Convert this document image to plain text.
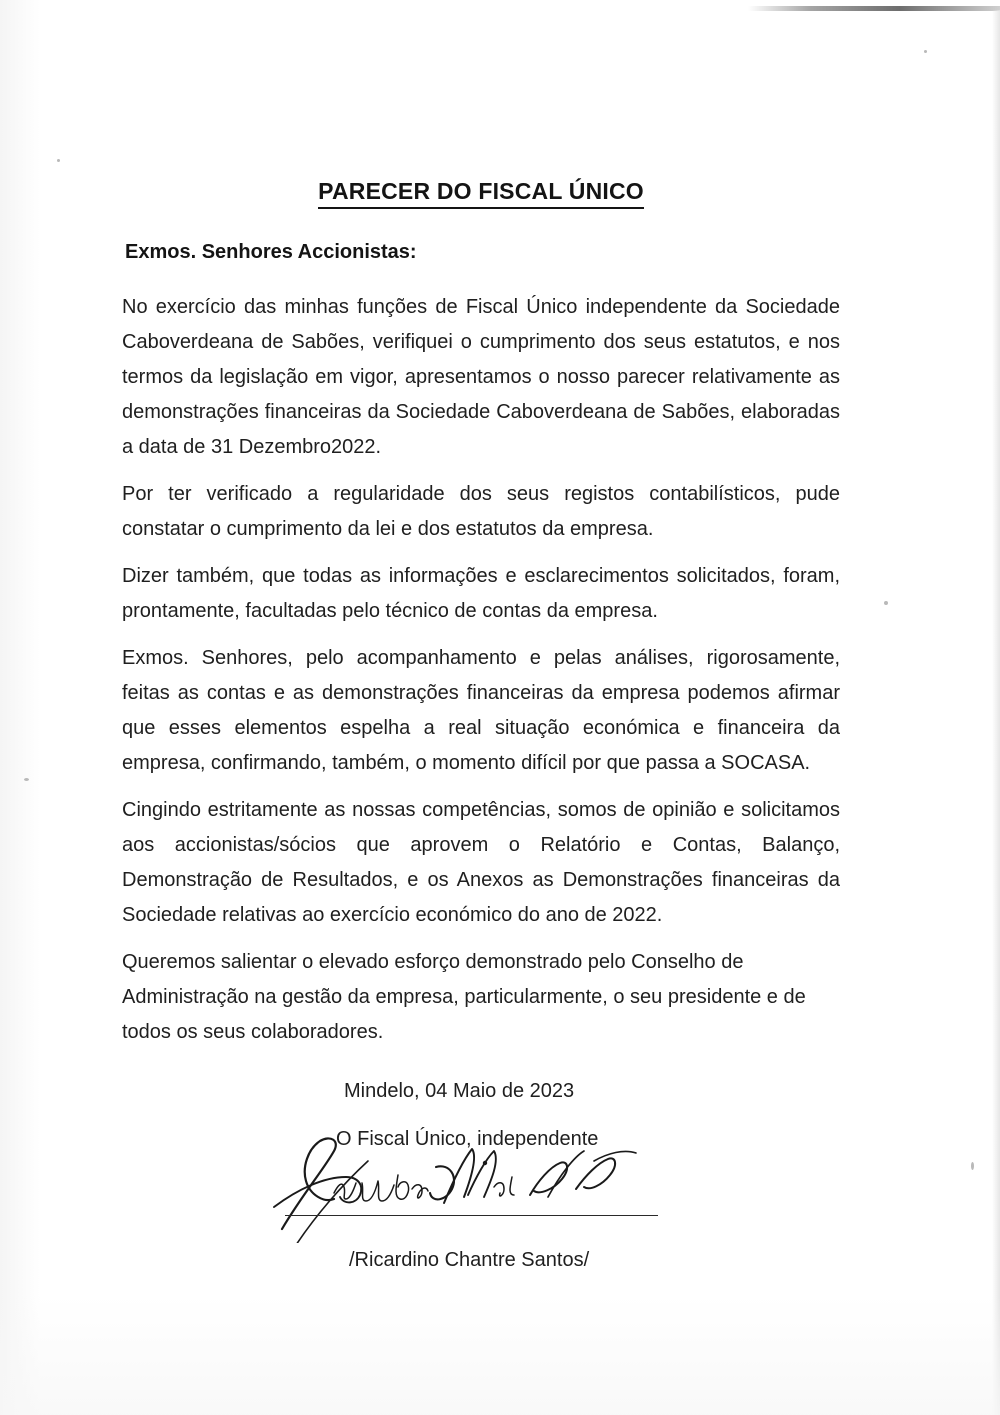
PARECER DO FISCAL ÚNICO

Exmos. Senhores Accionistas:

No exercício das minhas funções de Fiscal Único independente da Sociedade Caboverdeana de Sabões, verifiquei o cumprimento dos seus estatutos, e nos termos da legislação em vigor, apresentamos o nosso parecer relativamente as demonstrações financeiras da Sociedade Caboverdeana de Sabões, elaboradas a data de 31 Dezembro2022.

Por ter verificado a regularidade dos seus registos contabilísticos, pude constatar o cumprimento da lei e dos estatutos da empresa.

Dizer também, que todas as informações e esclarecimentos solicitados, foram, prontamente, facultadas pelo técnico de contas da empresa.

Exmos. Senhores, pelo acompanhamento e pelas análises, rigorosamente, feitas as contas e as demonstrações financeiras da empresa podemos afirmar que esses elementos espelha a real situação económica e financeira da empresa, confirmando, também, o momento difícil por que passa a SOCASA.

Cingindo estritamente as nossas competências, somos de opinião e solicitamos aos accionistas/sócios que aprovem o Relatório e Contas, Balanço, Demonstração de Resultados, e os Anexos as Demonstrações financeiras da Sociedade relativas ao exercício económico do ano de 2022.

Queremos salientar o elevado esforço demonstrado pelo Conselho de Administração na gestão da empresa, particularmente, o seu presidente e de todos os seus colaboradores.

Mindelo, 04 Maio de 2023

O Fiscal Único, independente

/Ricardino Chantre Santos/
